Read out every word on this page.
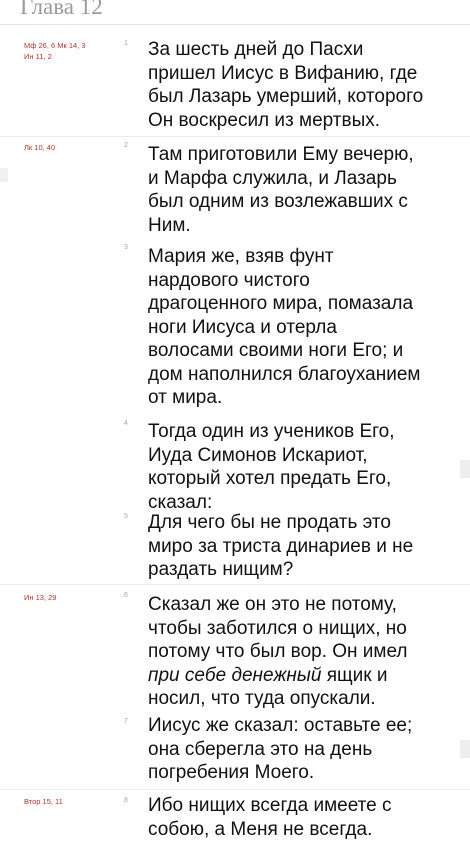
Глава 12
Мф 26, 6 Мк 14, 3
Ин 11, 2
1 За шесть дней до Пасхи
пришел Иисус в Вифанию, где
был Лазарь умерший, которого
Он воскресил из мертвых.
Лк 10, 40	2 Там приготовили Ему вечерю,
и Марфа служила, и Лазарь
был одним из возлежавших с
Ним.
3 Мария же, взяв фунт
нардового чистого
драгоценного мира, помазала
ноги Иисуса и отерла
волосами своими ноги Его; и
дом наполнился благоуханием
от мира.
4 Тогда один из учеников Его,
Иуда Симонов Искариот,
который хотел предать Его,
сказал:
5 Для чего бы не продать это
миро за триста динариев и не
раздать нищим?
Ин 13, 29	6 Сказал же он это не потому,
чтобы заботился о нищих, но
потому что был вор. Он имел
при себе денежный ящик и
носил, что туда опускали.
7 Иисус же сказал: оставьте ее;
она сберегла это на день
погребения Моего.
Втор 15, 11	8 Ибо нищих всегда имеете с
собою, а Меня не всегда.
